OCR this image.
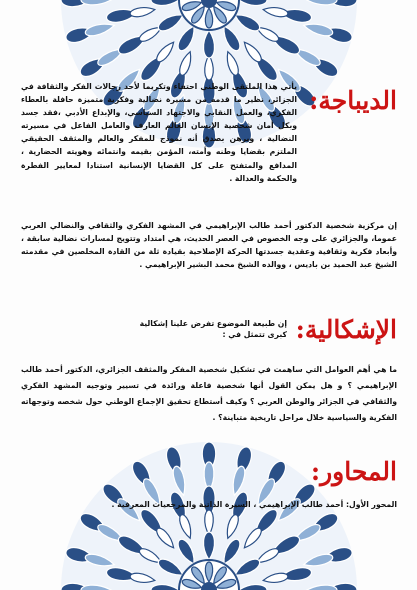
الديباجة:

يأتي هذا الملتقى الوطني احتفاء وتكريما لأحد رجالات الفكر والثقافة في الجزائر، نظير ما قدمه من مسيرة نضالية وفكرية متميزة حافلة بالعطاء الفكري، والعمل النقابي والاجتهاد السياسي، والإبداع الأدبي ،فقد جسد وبكل أمان شخصية الإنسان العالم العارف والعامل الفاعل في مسيرته النضالية ، ويرهن بصدق أنه نموذج للمفكر والعالم والمثقف الحقيقي الملتزم بقضايا وطنه وأمته، المؤمن بقيمه وانتمائه وهويته الحضارية ، المدافع والمتفتح على كل القضايا الإنسانية استنادا لمعايير الفطرة والحكمة والعدالة .

إن مركزية شخصية الدكتور أحمد طالب الإبراهيمي في المشهد الفكري والثقافي والنضالي العربي عموما، والجزائري على وجه الخصوص في العصر الحديث، هي امتداد وتتويج لمسارات نضالية سابقة ، وأبعاد فكرية وثقافية وعقدية جسدتها الحركة الإصلاحية بقيادة ثلة من القادة المخلصين في مقدمته الشيخ عبد الحميد بن باديس ، ووالده الشيخ محمد البشير الإبراهيمي .

الإشكالية:

إن طبيعة الموضوع تفرض علينا إشكالية كبرى تتمثل في :

ما هي أهم العوامل التي ساهمت في تشكيل شخصية المفكر والمثقف الجزائري، الدكتور أحمد طالب الإبراهيمي ؟ و هل يمكن القول أنها شخصية فاعلة ورائدة في تسيير وتوجيه المشهد الفكري والثقافي في الجزائر والوطن العربي ؟ وكيف أستطاع تحقيق الإجماع الوطني حول شخصه وتوجهاته الفكرية والسياسية خلال مراحل تاريخية متباينة؟ .

المحاور:

المحور الأول: أحمد طالب الإبراهيمي ، السيرة الذاتية والمرجعيات المعرفية .
